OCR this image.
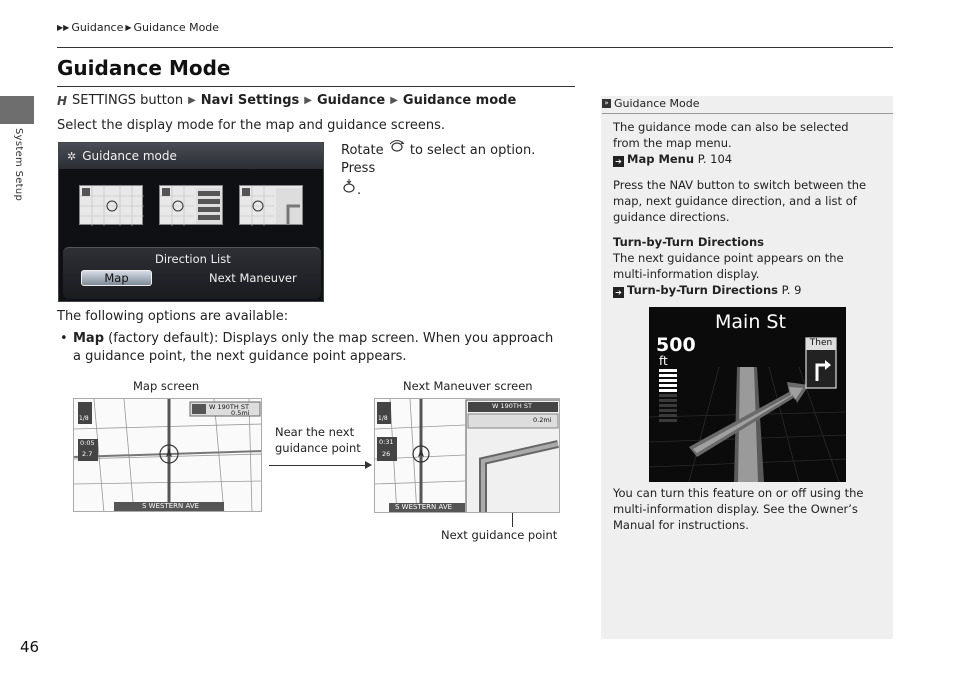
▶▶ Guidance ▶ Guidance Mode
Guidance Mode
System Setup
H SETTINGS button ▶ Navi Settings ▶ Guidance ▶ Guidance mode
Select the display mode for the map and guidance screens.
✲ Guidance mode
Direction List
Map	Next Maneuver
Rotate to select an option. Press
.
The following options are available:
• Map (factory default): Displays only the map screen. When you approach a guidance point, the next guidance point appears.
Map screen	Next Maneuver screen
Near the next guidance point
Next guidance point
1/8
0:05
2.7
W 190TH ST
0.5mi
S WESTERN AVE
1/8
0:31
26
W 190TH ST
0.2mi
S WESTERN AVE
» Guidance Mode
The guidance mode can also be selected from the map menu.
➔ Map Menu P. 104
Press the NAV button to switch between the map, next guidance direction, and a list of guidance directions.
Turn-by-Turn Directions
The next guidance point appears on the multi-information display.
➔ Turn-by-Turn Directions P. 9
Main St
500
ft
Then
You can turn this feature on or off using the multi-information display. See the Owner’s Manual for instructions.
46
